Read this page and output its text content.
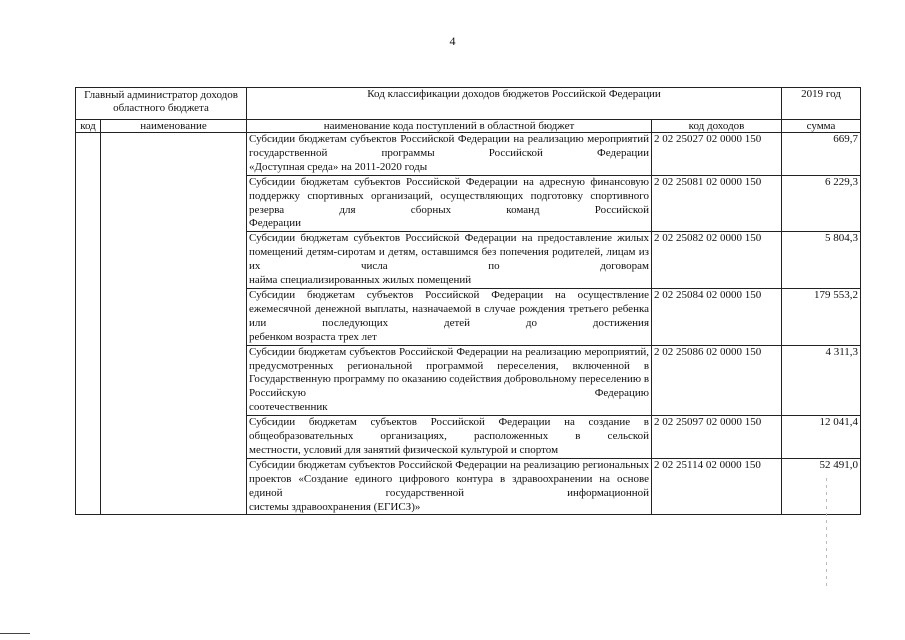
4
Главный администратор доходов областного бюджета		Код классификации доходов бюджетов Российской Федерации		2019 год
код	наименование	наименование кода поступлений в областной бюджет	код доходов	сумма
		Субсидии бюджетам субъектов Российской Федерации на реализацию мероприятий государственной программы Российской Федерации
«Доступная среда» на 2011-2020 годы	2 02 25027 02 0000 150	669,7
		Субсидии бюджетам субъектов Российской Федерации на адресную финансовую поддержку спортивных организаций, осуществляющих подготовку спортивного резерва для сборных команд Российской
Федерации	2 02 25081 02 0000 150	6 229,3
		Субсидии бюджетам субъектов Российской Федерации на предоставление жилых помещений детям-сиротам и детям, оставшимся без попечения родителей, лицам из их числа по договорам
найма специализированных жилых помещений	2 02 25082 02 0000 150	5 804,3
		Субсидии бюджетам субъектов Российской Федерации на осуществление ежемесячной денежной выплаты, назначаемой в случае рождения третьего ребенка или последующих детей до достижения
ребенком возраста трех лет	2 02 25084 02 0000 150	179 553,2
		Субсидии бюджетам субъектов Российской Федерации на реализацию мероприятий, предусмотренных региональной программой переселения, включенной в Государственную программу по оказанию содействия добровольному переселению в Российскую Федерацию
соотечественник	2 02 25086 02 0000 150	4 311,3
		Субсидии бюджетам субъектов Российской Федерации на создание в общеобразовательных организациях, расположенных в сельской
местности, условий для занятий физической культурой и спортом	2 02 25097 02 0000 150	12 041,4
		Субсидии бюджетам субъектов Российской Федерации на реализацию региональных проектов «Создание единого цифрового контура в здравоохранении на основе единой государственной информационной
системы здравоохранения (ЕГИСЗ)»	2 02 25114 02 0000 150	52 491,0
